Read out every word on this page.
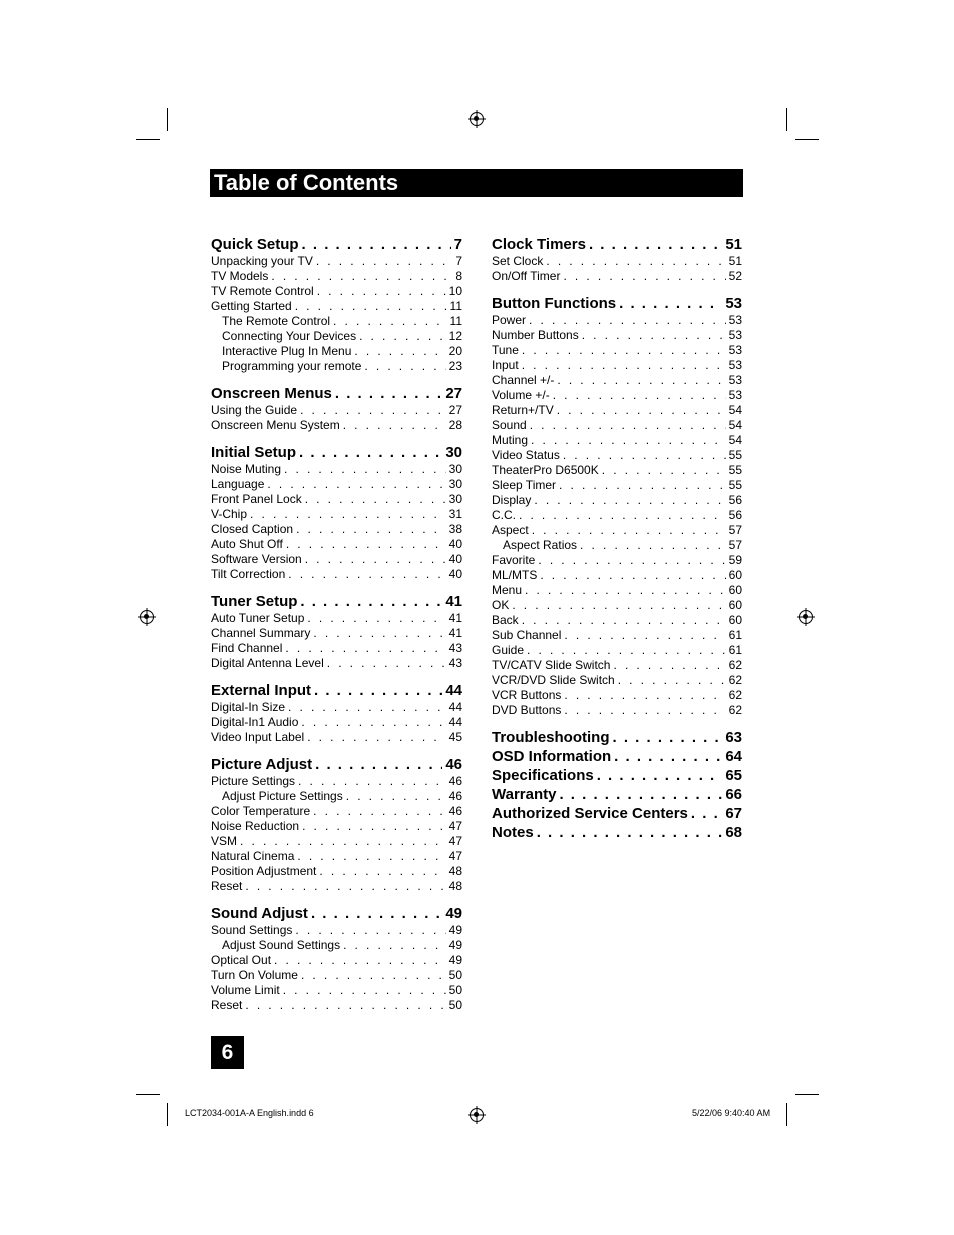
Table of Contents
Quick Setup . . .	7
Unpacking your TV . . .	7
TV Models . . .	8
TV Remote Control . . .	10
Getting Started . . .	11
The Remote Control . . .	11
Connecting Your Devices . . .	12
Interactive Plug In Menu . . .	20
Programming your remote . . .	23
Onscreen Menus . . .	27
Using the Guide . . .	27
Onscreen Menu System . . .	28
Initial Setup . . .	30
Noise Muting . . .	30
Language . . .	30
Front Panel Lock . . .	30
V-Chip . . .	31
Closed Caption . . .	38
Auto Shut Off . . .	40
Software Version . . .	40
Tilt Correction . . .	40
Tuner Setup . . .	41
Auto Tuner Setup . . .	41
Channel Summary . . .	41
Find Channel . . .	43
Digital Antenna Level . . .	43
External Input . . .	44
Digital-In Size . . .	44
Digital-In1 Audio . . .	44
Video Input Label . . .	45
Picture Adjust . . .	46
Picture Settings . . .	46
Adjust Picture Settings . . .	46
Color Temperature . . .	46
Noise Reduction . . .	47
VSM . . .	47
Natural Cinema . . .	47
Position Adjustment . . .	48
Reset . . .	48
Sound Adjust . . .	49
Sound Settings . . .	49
Adjust Sound Settings . . .	49
Optical Out . . .	49
Turn On Volume . . .	50
Volume Limit . . .	50
Reset . . .	50
Clock Timers . . .	51
Set Clock . . .	51
On/Off Timer . . .	52
Button Functions . . .	53
Power . . .	53
Number Buttons . . .	53
Tune . . .	53
Input . . .	53
Channel +/- . . .	53
Volume +/- . . .	53
Return+/TV . . .	54
Sound . . .	54
Muting . . .	54
Video Status . . .	55
TheaterPro D6500K . . .	55
Sleep Timer . . .	55
Display . . .	56
C.C. . . .	56
Aspect . . .	57
Aspect Ratios . . .	57
Favorite . . .	59
ML/MTS . . .	60
Menu . . .	60
OK . . .	60
Back . . .	60
Sub Channel . . .	61
Guide . . .	61
TV/CATV Slide Switch . . .	62
VCR/DVD Slide Switch . . .	62
VCR Buttons . . .	62
DVD Buttons . . .	62
Troubleshooting . . .	63
OSD Information . . .	64
Specifications . . .	65
Warranty . . .	66
Authorized Service Centers . . . 67
Notes . . .	68
6
LCT2034-001A-A English.indd 6	5/22/06 9:40:40 AM
